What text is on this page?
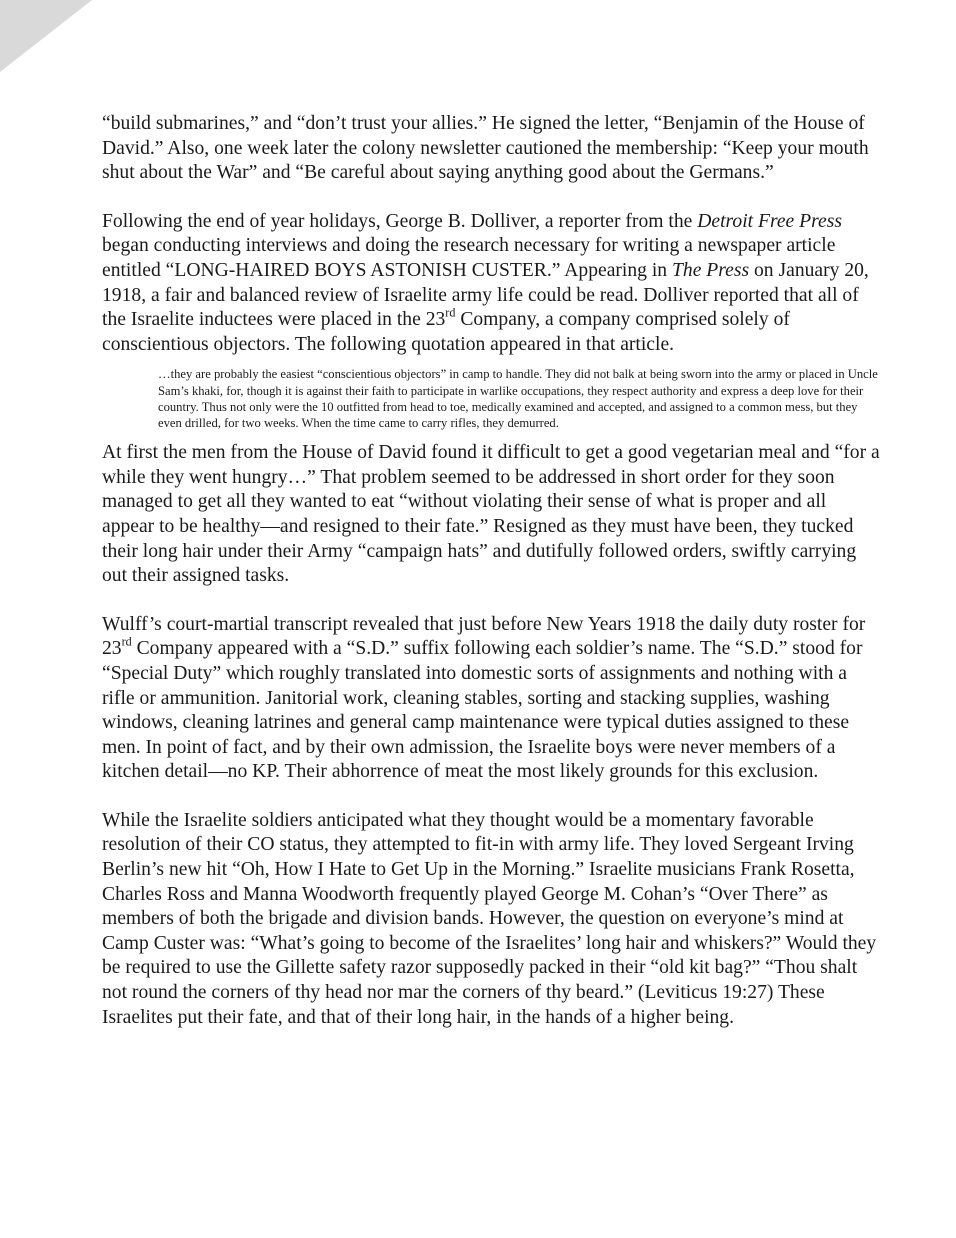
“build submarines,” and “don’t trust your allies.” He signed the letter, “Benjamin of the House of David.” Also, one week later the colony newsletter cautioned the membership: “Keep your mouth shut about the War” and “Be careful about saying anything good about the Germans.”

Following the end of year holidays, George B. Dolliver, a reporter from the Detroit Free Press began conducting interviews and doing the research necessary for writing a newspaper article entitled “LONG-HAIRED BOYS ASTONISH CUSTER.” Appearing in The Press on January 20, 1918, a fair and balanced review of Israelite army life could be read. Dolliver reported that all of the Israelite inductees were placed in the 23rd Company, a company comprised solely of conscientious objectors. The following quotation appeared in that article.

…they are probably the easiest “conscientious objectors” in camp to handle. They did not balk at being sworn into the army or placed in Uncle Sam’s khaki, for, though it is against their faith to participate in warlike occupations, they respect authority and express a deep love for their country. Thus not only were the 10 outfitted from head to toe, medically examined and accepted, and assigned to a common mess, but they even drilled, for two weeks. When the time came to carry rifles, they demurred.

At first the men from the House of David found it difficult to get a good vegetarian meal and “for a while they went hungry…” That problem seemed to be addressed in short order for they soon managed to get all they wanted to eat “without violating their sense of what is proper and all appear to be healthy—and resigned to their fate.” Resigned as they must have been, they tucked their long hair under their Army “campaign hats” and dutifully followed orders, swiftly carrying out their assigned tasks.

Wulff’s court-martial transcript revealed that just before New Years 1918 the daily duty roster for 23rd Company appeared with a “S.D.” suffix following each soldier’s name. The “S.D.” stood for “Special Duty” which roughly translated into domestic sorts of assignments and nothing with a rifle or ammunition. Janitorial work, cleaning stables, sorting and stacking supplies, washing windows, cleaning latrines and general camp maintenance were typical duties assigned to these men. In point of fact, and by their own admission, the Israelite boys were never members of a kitchen detail—no KP. Their abhorrence of meat the most likely grounds for this exclusion.

While the Israelite soldiers anticipated what they thought would be a momentary favorable resolution of their CO status, they attempted to fit-in with army life. They loved Sergeant Irving Berlin’s new hit “Oh, How I Hate to Get Up in the Morning.” Israelite musicians Frank Rosetta, Charles Ross and Manna Woodworth frequently played George M. Cohan’s “Over There” as members of both the brigade and division bands. However, the question on everyone’s mind at Camp Custer was: “What’s going to become of the Israelites’ long hair and whiskers?” Would they be required to use the Gillette safety razor supposedly packed in their “old kit bag?” “Thou shalt not round the corners of thy head nor mar the corners of thy beard.” (Leviticus 19:27) These Israelites put their fate, and that of their long hair, in the hands of a higher being.
